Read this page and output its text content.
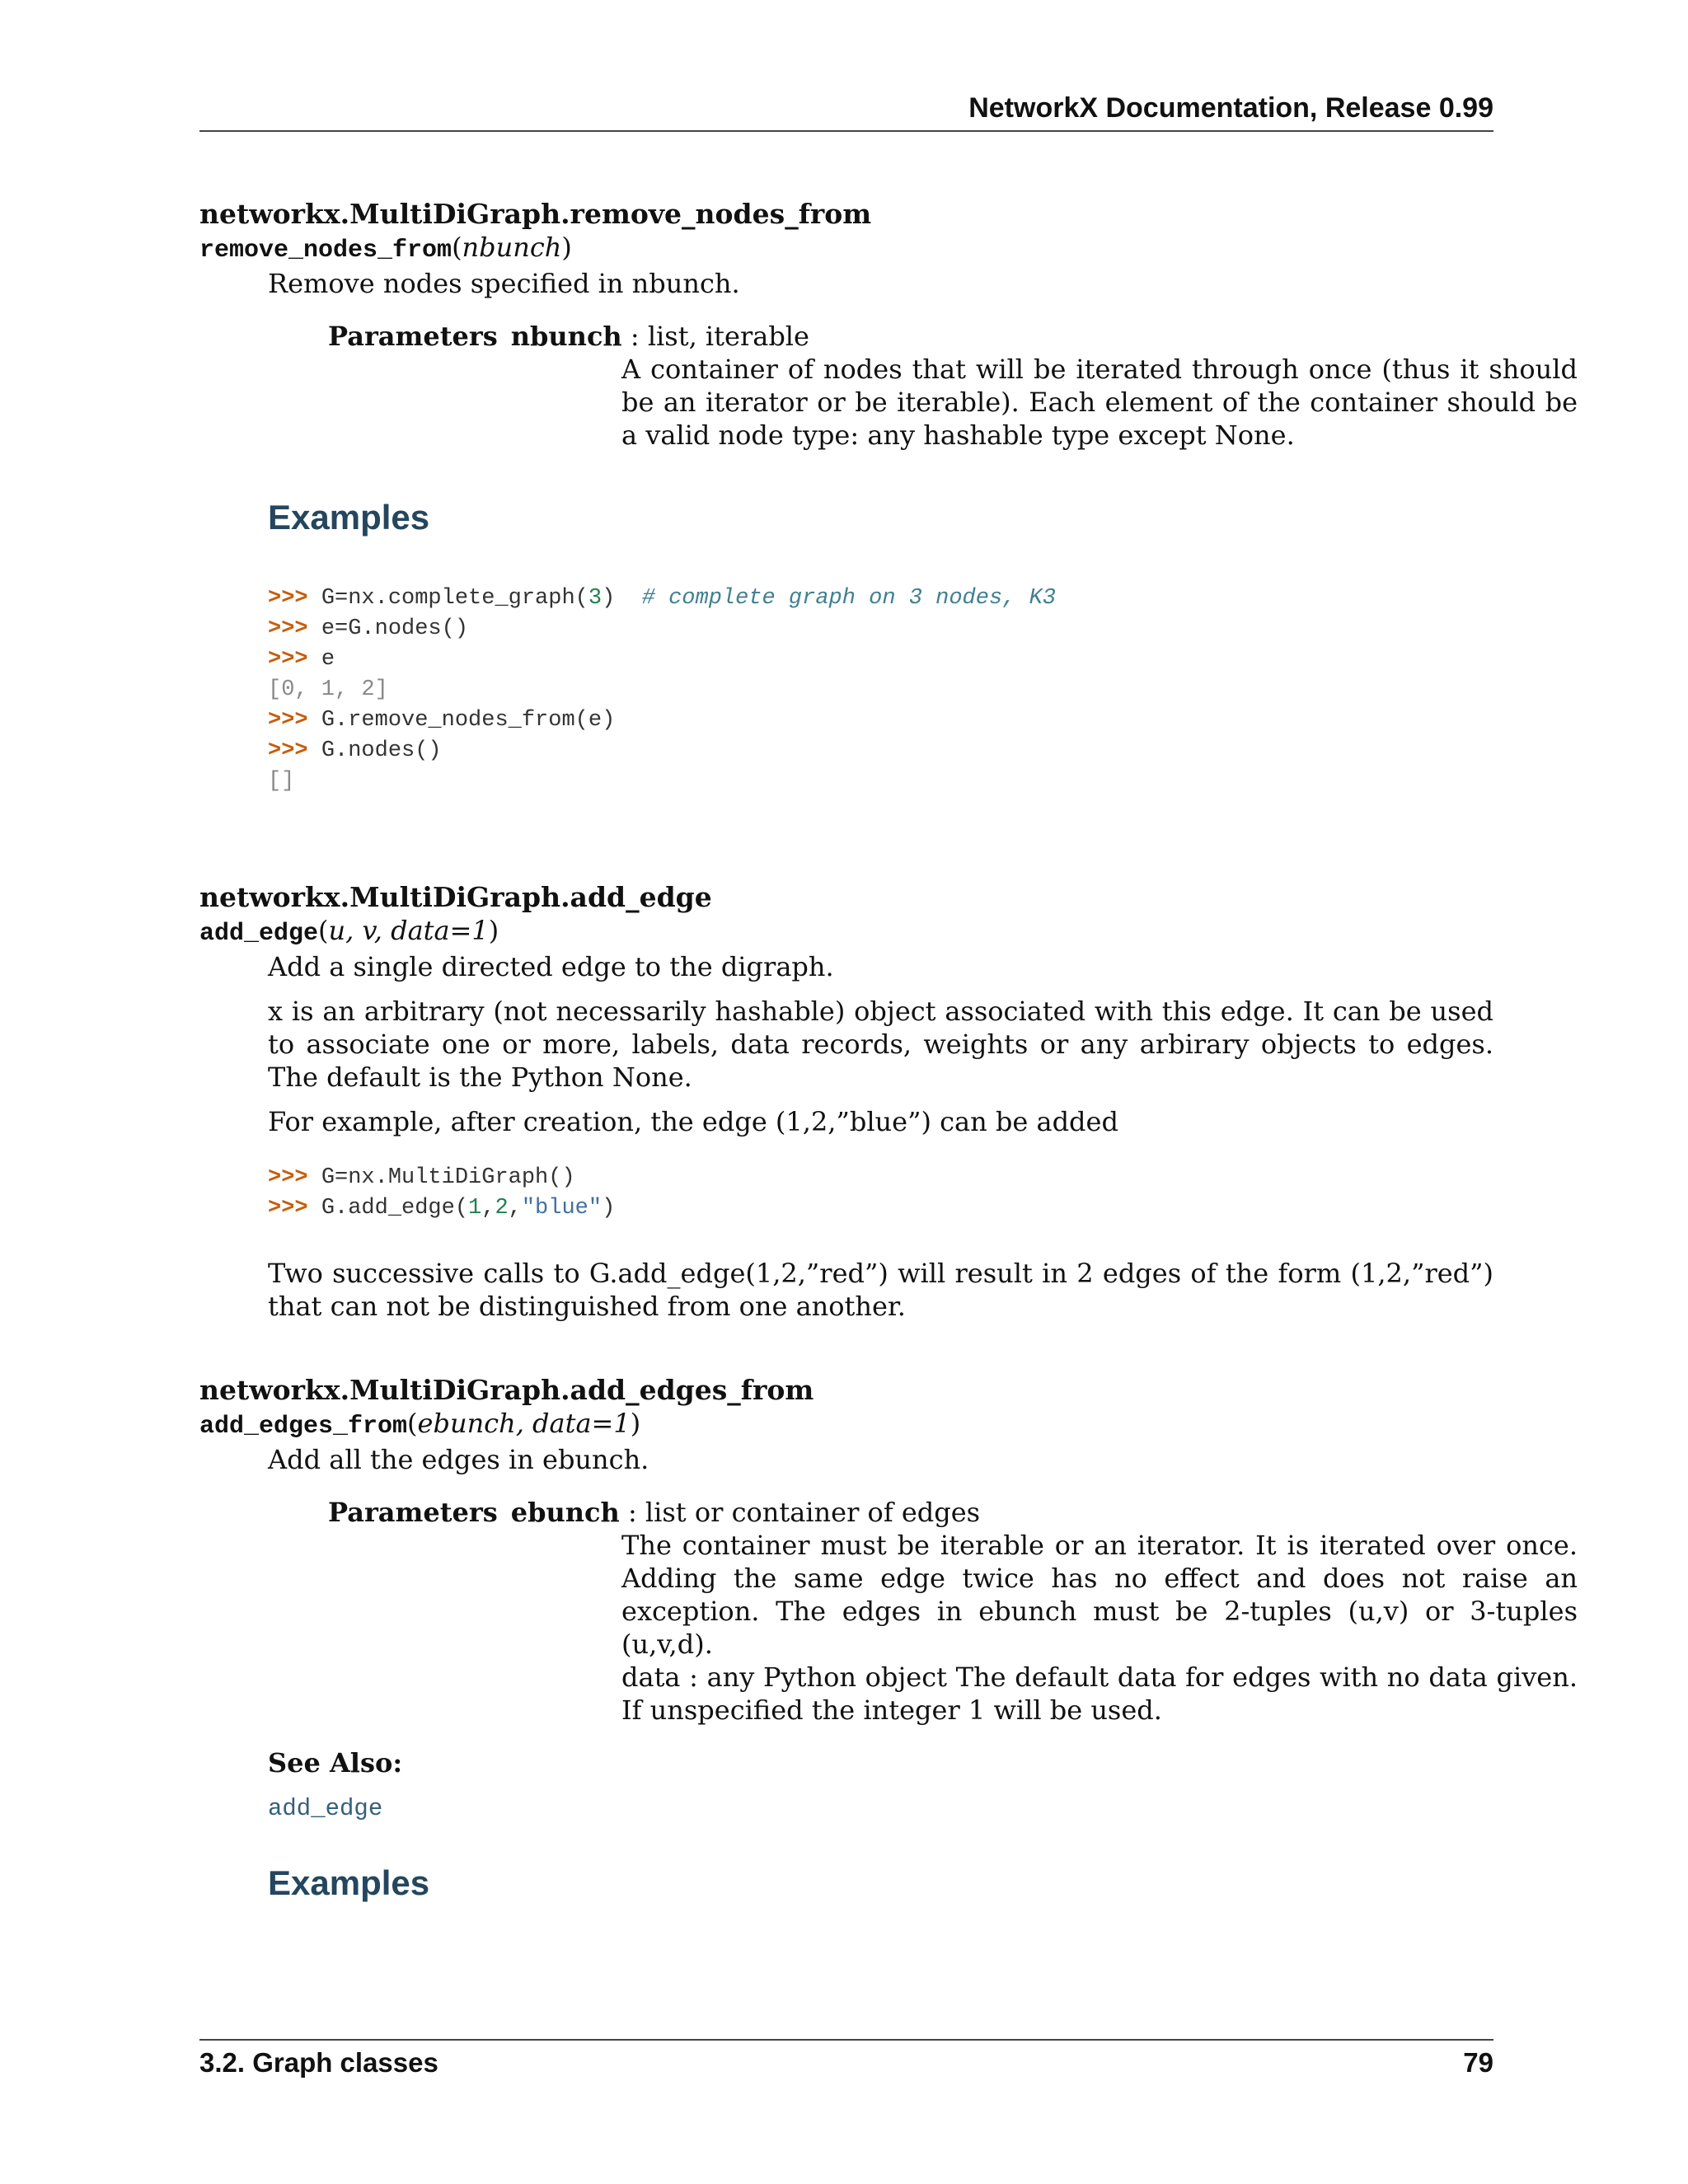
NetworkX Documentation, Release 0.99
networkx.MultiDiGraph.remove_nodes_from
remove_nodes_from(nbunch)

Remove nodes specified in nbunch.

Parameters nbunch : list, iterable

A container of nodes that will be iterated through once (thus it should be an iterator or be iterable). Each element of the container should be a valid node type: any hashable type except None.

Examples
>>> G=nx.complete_graph(3) # complete graph on 3 nodes, K3
>>> e=G.nodes()
>>> e
[0, 1, 2]
>>> G.remove_nodes_from(e)
>>> G.nodes()
[]
networkx.MultiDiGraph.add_edge
add_edge(u, v, data=1)

Add a single directed edge to the digraph.

x is an arbitrary (not necessarily hashable) object associated with this edge. It can be used to associate one or more, labels, data records, weights or any arbirary objects to edges. The default is the Python None.

For example, after creation, the edge (1,2,”blue”) can be added

>>> G=nx.MultiDiGraph()
>>> G.add_edge(1,2,"blue")

Two successive calls to G.add_edge(1,2,”red”) will result in 2 edges of the form (1,2,”red”) that can not be distinguished from one another.

networkx.MultiDiGraph.add_edges_from
add_edges_from(ebunch, data=1)

Add all the edges in ebunch.

Parameters ebunch : list or container of edges

The container must be iterable or an iterator. It is iterated over once. Adding the same edge twice has no effect and does not raise an exception. The edges in ebunch must be 2-tuples (u,v) or 3-tuples (u,v,d).

data : any Python object The default data for edges with no data given. If unspecified the integer 1 will be used.

See Also:
add_edge
Examples
3.2. Graph classes	79
